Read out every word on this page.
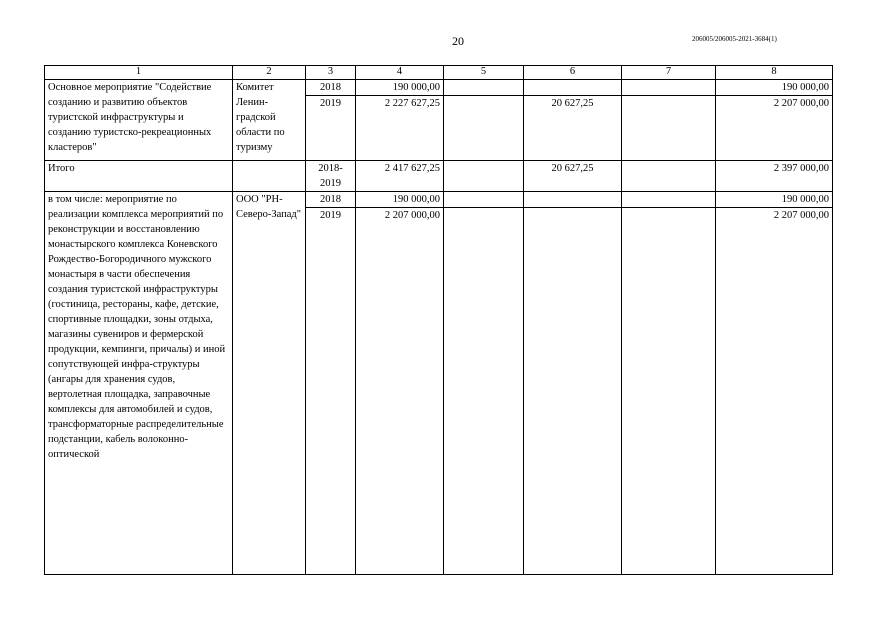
20	206005/206005-2021-3684(1)
1	2	3	4	5	6	7	8
Основное мероприятие "Содействие созданию и развитию объектов туристской инфраструктуры и созданию туристско-рекреационных кластеров"	Комитет Ленин-градской области по туризму	2018	190 000,00				190 000,00
		2019	2 227 627,25		20 627,25		2 207 000,00
Итого		2018-2019	2 417 627,25		20 627,25		2 397 000,00
в том числе: мероприятие по реализации комплекса мероприятий по реконструкции и восстановлению монастырского комплекса Коневского Рождество-Богородичного мужского монастыря в части обеспечения создания туристской инфраструктуры (гостиница, рестораны, кафе, детские, спортивные площадки, зоны отдыха, магазины сувениров и фермерской продукции, кемпинги, причалы) и иной сопутствующей инфра-структуры (ангары для хранения судов, вертолетная площадка, заправочные комплексы для автомобилей и судов, трансформаторные распределительные подстанции, кабель волоконно-оптической	ООО "РН-Северо-Запад"	2018	190 000,00				190 000,00
		2019	2 207 000,00				2 207 000,00
